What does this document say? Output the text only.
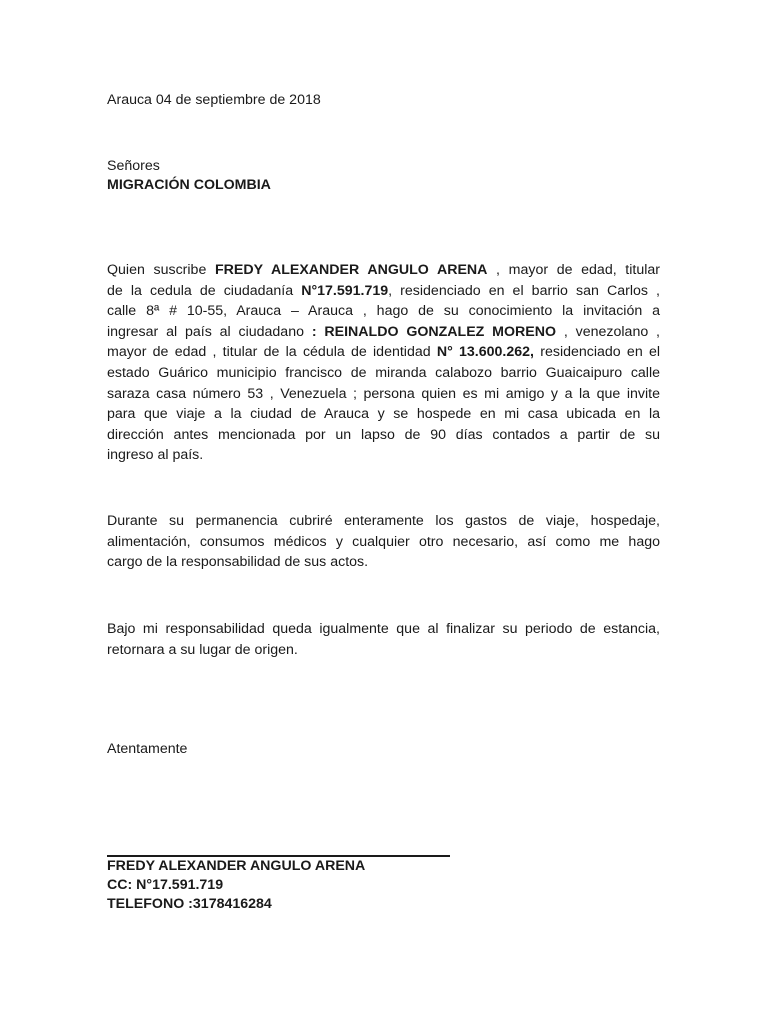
Arauca 04 de septiembre de 2018
Señores
MIGRACIÓN COLOMBIA
Quien suscribe FREDY ALEXANDER ANGULO ARENA , mayor de edad, titular
de la cedula de ciudadanía N°17.591.719, residenciado en el barrio san Carlos ,
calle 8ª # 10-55, Arauca – Arauca , hago de su conocimiento la invitación a
ingresar al país al ciudadano : REINALDO GONZALEZ MORENO , venezolano ,
mayor de edad , titular de la cédula de identidad N° 13.600.262, residenciado en el
estado Guárico municipio francisco de miranda calabozo barrio Guaicaipuro calle
saraza casa número 53 , Venezuela ; persona quien es mi amigo y a la que invite
para que viaje a la ciudad de Arauca y se hospede en mi casa ubicada en la
dirección antes mencionada por un lapso de 90 días contados a partir de su
ingreso al país.
Durante su permanencia cubriré enteramente los gastos de viaje, hospedaje,
alimentación, consumos médicos y cualquier otro necesario, así como me hago
cargo de la responsabilidad de sus actos.
Bajo mi responsabilidad queda igualmente que al finalizar su periodo de estancia,
retornara a su lugar de origen.
Atentamente
FREDY ALEXANDER ANGULO ARENA
CC: N°17.591.719
TELEFONO :3178416284
